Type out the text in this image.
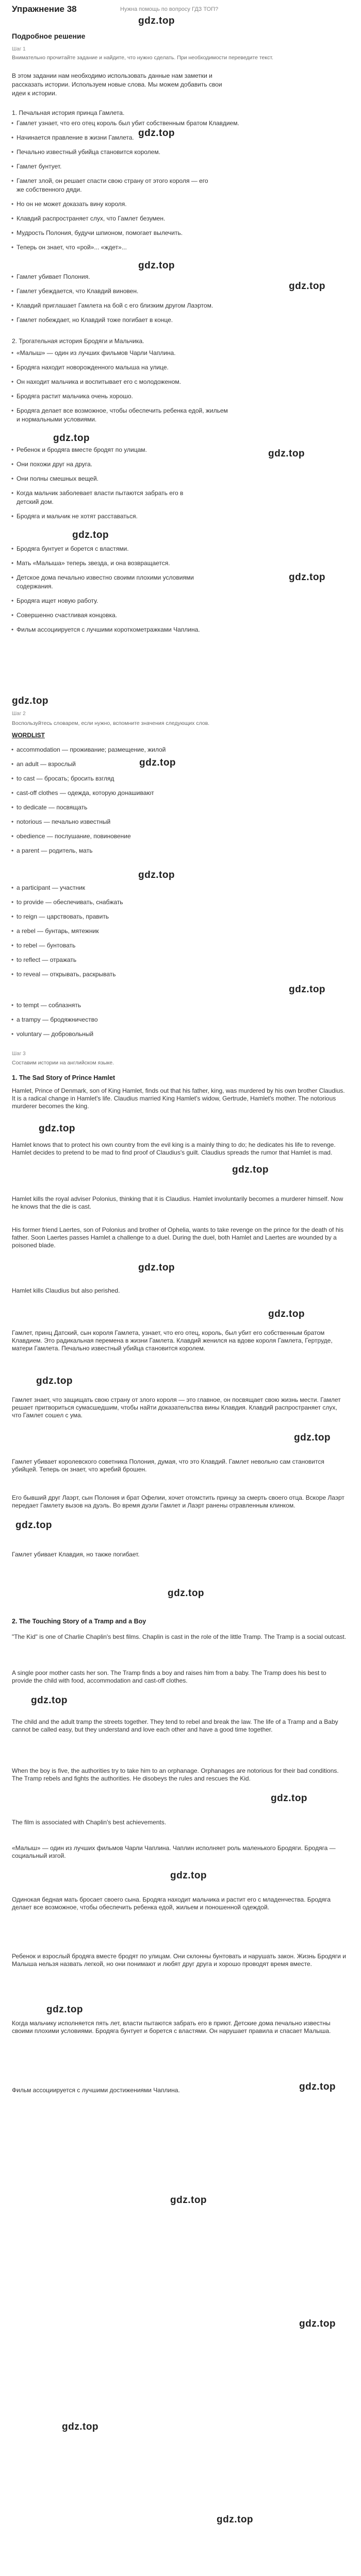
Упражнение 38	Нужна помощь по вопросу ГДЗ ТОП?
gdz.top
gdz.top
gdz.top
gdz.top
gdz.top
gdz.top
gdz.top
gdz.top
gdz.top
gdz.top
gdz.top
gdz.top
gdz.top
gdz.top
gdz.top
gdz.top
gdz.top
gdz.top
gdz.top
gdz.top
gdz.top
gdz.top
gdz.top
gdz.top
gdz.top
gdz.top
gdz.top
gdz.top
gdz.top
Подробное решение
Шаг 1
Внимательно прочитайте задание и найдите, что нужно сделать. При необходимости переведите текст.
В этом задании нам необходимо использовать данные нам заметки и
рассказать истории. Используем новые слова. Мы можем добавить свои
идеи к истории.
1. Печальная история принца Гамлета.
• Гамлет узнает, что его отец король был убит собственным братом Клавдием.
• Начинается правление в жизни Гамлета.
• Печально известный убийца становится королем.
• Гамлет бунтует.
• Гамлет злой, он решает спасти свою страну от этого короля — его
же собственного дяди.
• Но он не может доказать вину короля.
• Клавдий распространяет слух, что Гамлет безумен.
• Мудрость Полония, будучи шпионом, помогает вылечить.
• Теперь он знает, что «рой»... «ждет»...
• Гамлет убивает Полония.
• Гамлет убеждается, что Клавдий виновен.
• Клавдий приглашает Гамлета на бой с его близким другом Лаэртом.
• Гамлет побеждает, но Клавдий тоже погибает в конце.
2. Трогательная история Бродяги и Мальчика.
• «Малыш» — один из лучших фильмов Чарли Чаплина.
• Бродяга находит новорожденного малыша на улице.
• Он находит мальчика и воспитывает его с молодоженом.
• Бродяга растит мальчика очень хорошо.
• Бродяга делает все возможное, чтобы обеспечить ребенка едой, жильем
и нормальными условиями.
• Ребенок и бродяга вместе бродят по улицам.
• Они похожи друг на друга.
• Они полны смешных вещей.
• Когда мальчик заболевает власти пытаются забрать его в
детский дом.
• Бродяга и мальчик не хотят расставаться.
• Бродяга бунтует и борется с властями.
• Мать «Малыша» теперь звезда, и она возвращается.
• Детское дома печально известно своими плохими условиями
содержания.
• Бродяга ищет новую работу.
• Совершенно счастливая концовка.
• Фильм ассоциируется с лучшими короткометражками Чаплина.
Шаг 2
Воспользуйтесь словарем, если нужно, вспомните значения следующих слов.
WORDLIST
• accommodation — проживание; размещение, жилой
• an adult — взрослый
• to cast — бросать; бросить взгляд
• cast-off clothes — одежда, которую донашивают
• to dedicate — посвящать
• notorious — печально известный
• obedience — послушание, повиновение
• a parent — родитель, мать
• a participant — участник
• to provide — обеспечивать, снабжать
• to reign — царствовать, править
• a rebel — бунтарь, мятежник
• to rebel — бунтовать
• to reflect — отражать
• to reveal — открывать, раскрывать
• to tempt — соблазнять
• a trampy — бродяжничество
• voluntary — добровольный
Шаг 3
Составим истории на английском языке.
1. The Sad Story of Prince Hamlet
Hamlet, Prince of Denmark, son of King Hamlet, finds out that his father, king, was murdered by his own brother Claudius. It is a radical change in Hamlet's life. Claudius married King Hamlet's widow, Gertrude, Hamlet's mother. The notorious murderer becomes the king.
Hamlet knows that to protect his own country from the evil king is a mainly thing to do; he dedicates his life to revenge. Hamlet decides to pretend to be mad to find proof of Claudius's guilt. Claudius spreads the rumor that Hamlet is mad.
Hamlet kills the royal adviser Polonius, thinking that it is Claudius. Hamlet involuntarily becomes a murderer himself. Now he knows that the die is cast.
His former friend Laertes, son of Polonius and brother of Ophelia, wants to take revenge on the prince for the death of his father. Soon Laertes passes Hamlet a challenge to a duel. During the duel, both Hamlet and Laertes are wounded by a poisoned blade.
Hamlet kills Claudius but also perished.
Гамлет, принц Датский, сын короля Гамлета, узнает, что его отец, король, был убит его собственным братом Клавдием. Это радикальная перемена в жизни Гамлета. Клавдий женился на вдове короля Гамлета, Гертруде, матери Гамлета. Печально известный убийца становится королем.
Гамлет знает, что защищать свою страну от злого короля — это главное, он посвящает свою жизнь мести. Гамлет решает притвориться сумасшедшим, чтобы найти доказательства вины Клавдия. Клавдий распространяет слух, что Гамлет сошел с ума.
Гамлет убивает королевского советника Полония, думая, что это Клавдий. Гамлет невольно сам становится убийцей. Теперь он знает, что жребий брошен.
Его бывший друг Лаэрт, сын Полония и брат Офелии, хочет отомстить принцу за смерть своего отца. Вскоре Лаэрт передает Гамлету вызов на дуэль. Во время дуэли Гамлет и Лаэрт ранены отравленным клинком.
Гамлет убивает Клавдия, но также погибает.
2. The Touching Story of a Tramp and a Boy
"The Kid" is one of Charlie Chaplin's best films. Chaplin is cast in the role of the little Tramp. The Tramp is a social outcast.
A single poor mother casts her son. The Tramp finds a boy and raises him from a baby. The Tramp does his best to provide the child with food, accommodation and cast-off clothes.
The child and the adult tramp the streets together. They tend to rebel and break the law. The life of a Tramp and a Baby cannot be called easy, but they understand and love each other and have a good time together.
When the boy is five, the authorities try to take him to an orphanage. Orphanages are notorious for their bad conditions. The Tramp rebels and fights the authorities. He disobeys the rules and rescues the Kid.
The film is associated with Chaplin's best achievements.
«Малыш» — один из лучших фильмов Чарли Чаплина. Чаплин исполняет роль маленького Бродяги. Бродяга — социальный изгой.
Одинокая бедная мать бросает своего сына. Бродяга находит мальчика и растит его с младенчества. Бродяга делает все возможное, чтобы обеспечить ребенка едой, жильем и поношенной одеждой.
Ребенок и взрослый бродяга вместе бродят по улицам. Они склонны бунтовать и нарушать закон. Жизнь Бродяги и Малыша нельзя назвать легкой, но они понимают и любят друг друга и хорошо проводят время вместе.
Когда мальчику исполняется пять лет, власти пытаются забрать его в приют. Детские дома печально известны своими плохими условиями. Бродяга бунтует и борется с властями. Он нарушает правила и спасает Малыша.
Фильм ассоциируется с лучшими достижениями Чаплина.
